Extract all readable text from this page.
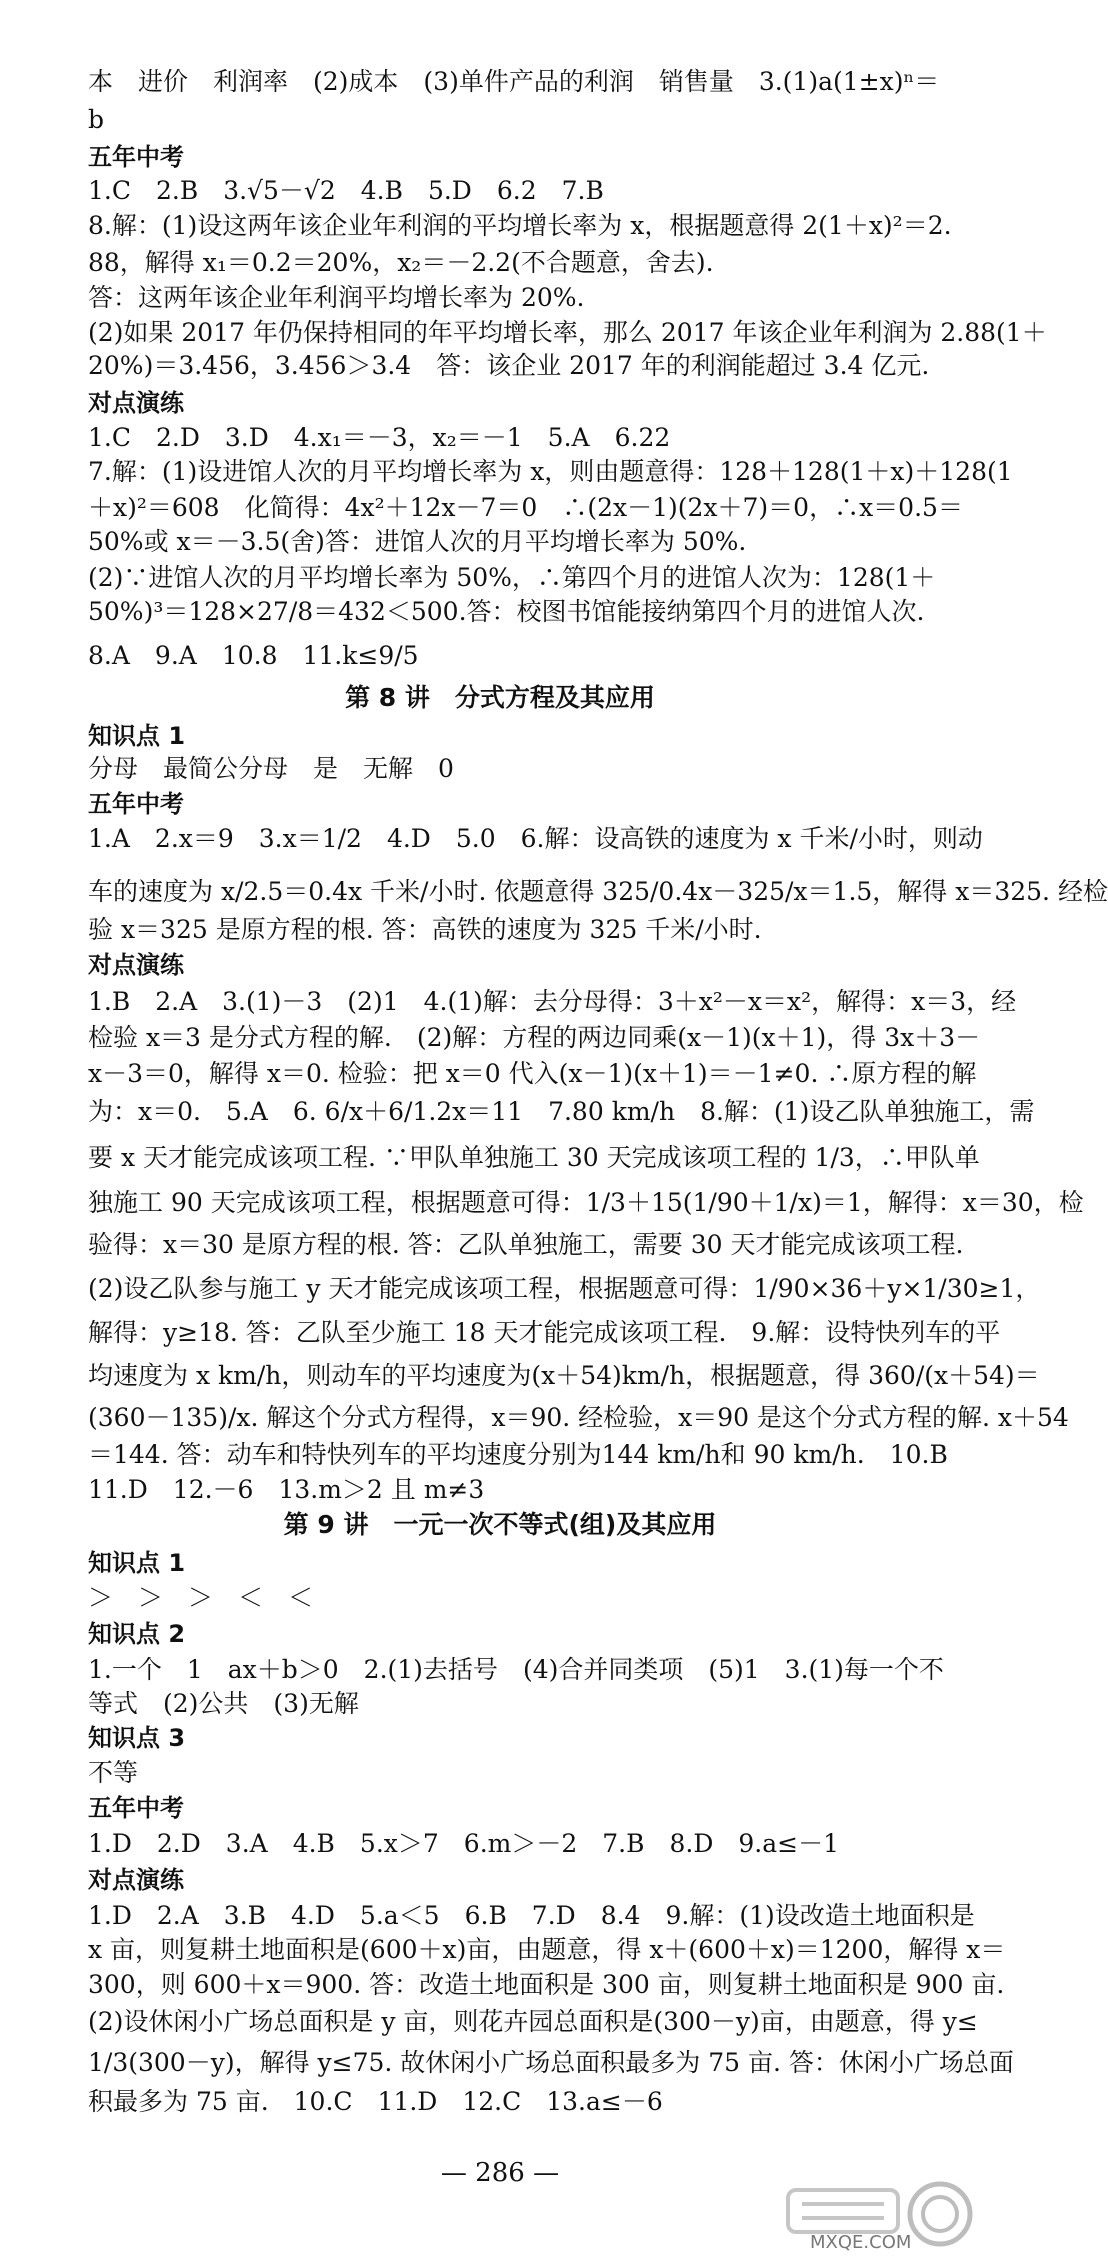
本　进价　利润率　(2)成本　(3)单件产品的利润　销售量　3.(1)a(1±x)ⁿ＝
b
五年中考
1.C　2.B　3.√5－√2　4.B　5.D　6.2　7.B
8.解：(1)设这两年该企业年利润的平均增长率为 x，根据题意得 2(1＋x)²＝2.
88，解得 x₁＝0.2＝20%，x₂＝－2.2(不合题意，舍去).
答：这两年该企业年利润平均增长率为 20%.
(2)如果 2017 年仍保持相同的年平均增长率，那么 2017 年该企业年利润为 2.88(1＋
20%)＝3.456，3.456＞3.4　答：该企业 2017 年的利润能超过 3.4 亿元.
对点演练
1.C　2.D　3.D　4.x₁＝－3，x₂＝－1　5.A　6.22
7.解：(1)设进馆人次的月平均增长率为 x，则由题意得：128＋128(1＋x)＋128(1
＋x)²＝608　化简得：4x²＋12x－7＝0　∴(2x－1)(2x＋7)＝0，∴x＝0.5＝
50%或 x＝－3.5(舍)答：进馆人次的月平均增长率为 50%.
(2)∵进馆人次的月平均增长率为 50%，∴第四个月的进馆人次为：128(1＋
50%)³＝128×27/8＝432＜500.答：校图书馆能接纳第四个月的进馆人次.
8.A　9.A　10.8　11.k≤9/5
第 8 讲　分式方程及其应用
知识点 1
分母　最简公分母　是　无解　0
五年中考
1.A　2.x＝9　3.x＝1/2　4.D　5.0　6.解：设高铁的速度为 x 千米/小时，则动
车的速度为 x/2.5＝0.4x 千米/小时. 依题意得 325/0.4x－325/x＝1.5，解得 x＝325. 经检
验 x＝325 是原方程的根. 答：高铁的速度为 325 千米/小时.
对点演练
1.B　2.A　3.(1)－3　(2)1　4.(1)解：去分母得：3＋x²－x＝x²，解得：x＝3，经
检验 x＝3 是分式方程的解.　(2)解：方程的两边同乘(x－1)(x＋1)，得 3x＋3－
x－3＝0，解得 x＝0. 检验：把 x＝0 代入(x－1)(x＋1)＝－1≠0. ∴原方程的解
为：x＝0.　5.A　6. 6/x＋6/1.2x＝11　7.80 km/h　8.解：(1)设乙队单独施工，需
要 x 天才能完成该项工程. ∵甲队单独施工 30 天完成该项工程的 1/3，∴甲队单
独施工 90 天完成该项工程，根据题意可得：1/3＋15(1/90＋1/x)＝1，解得：x＝30，检
验得：x＝30 是原方程的根. 答：乙队单独施工，需要 30 天才能完成该项工程.
(2)设乙队参与施工 y 天才能完成该项工程，根据题意可得：1/90×36＋y×1/30≥1，
解得：y≥18. 答：乙队至少施工 18 天才能完成该项工程.　9.解：设特快列车的平
均速度为 x km/h，则动车的平均速度为(x＋54)km/h，根据题意，得 360/(x＋54)＝
(360－135)/x. 解这个分式方程得，x＝90. 经检验，x＝90 是这个分式方程的解. x＋54
＝144. 答：动车和特快列车的平均速度分别为144 km/h和 90 km/h.　10.B
11.D　12.－6　13.m＞2 且 m≠3
第 9 讲　一元一次不等式(组)及其应用
知识点 1
＞　＞　＞　＜　＜
知识点 2
1.一个　1　ax＋b＞0　2.(1)去括号　(4)合并同类项　(5)1　3.(1)每一个不
等式　(2)公共　(3)无解
知识点 3
不等
五年中考
1.D　2.D　3.A　4.B　5.x＞7　6.m＞－2　7.B　8.D　9.a≤－1
对点演练
1.D　2.A　3.B　4.D　5.a＜5　6.B　7.D　8.4　9.解：(1)设改造土地面积是
x 亩，则复耕土地面积是(600＋x)亩，由题意，得 x＋(600＋x)＝1200，解得 x＝
300，则 600＋x＝900. 答：改造土地面积是 300 亩，则复耕土地面积是 900 亩.
(2)设休闲小广场总面积是 y 亩，则花卉园总面积是(300－y)亩，由题意，得 y≤
1/3(300－y)，解得 y≤75. 故休闲小广场总面积最多为 75 亩. 答：休闲小广场总面
积最多为 75 亩.　10.C　11.D　12.C　13.a≤－6
— 286 —
MXQE.COM
